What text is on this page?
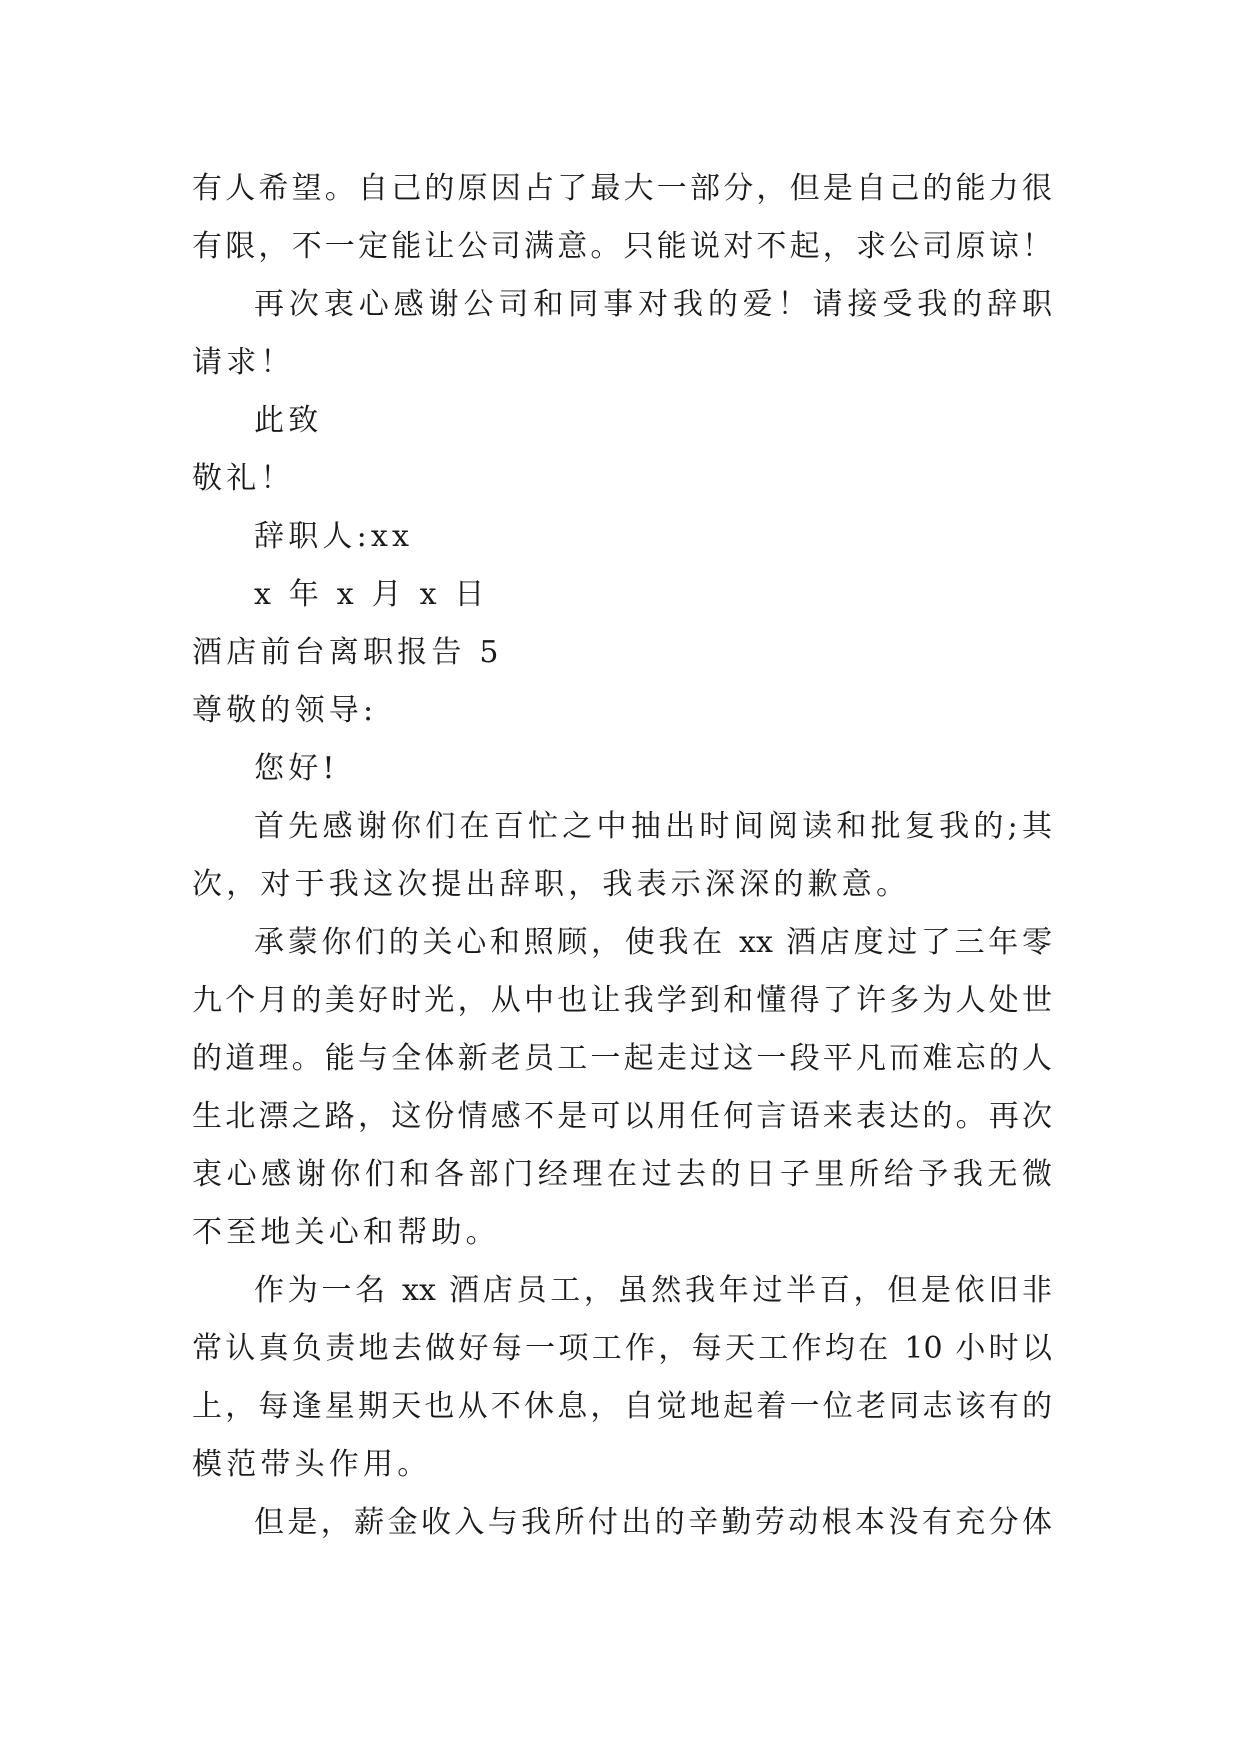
有人希望。自己的原因占了最大一部分，但是自己的能力很
有限，不一定能让公司满意。只能说对不起，求公司原谅！
再次衷心感谢公司和同事对我的爱！请接受我的辞职
请求！
此致
敬礼！
辞职人:xx
x 年 x 月 x 日
酒店前台离职报告 5
尊敬的领导:
您好!
首先感谢你们在百忙之中抽出时间阅读和批复我的;其
次，对于我这次提出辞职，我表示深深的歉意。
承蒙你们的关心和照顾，使我在 xx 酒店度过了三年零
九个月的美好时光，从中也让我学到和懂得了许多为人处世
的道理。能与全体新老员工一起走过这一段平凡而难忘的人
生北漂之路，这份情感不是可以用任何言语来表达的。再次
衷心感谢你们和各部门经理在过去的日子里所给予我无微
不至地关心和帮助。
作为一名 xx 酒店员工，虽然我年过半百，但是依旧非
常认真负责地去做好每一项工作，每天工作均在 10 小时以
上，每逢星期天也从不休息，自觉地起着一位老同志该有的
模范带头作用。
但是，薪金收入与我所付出的辛勤劳动根本没有充分体
